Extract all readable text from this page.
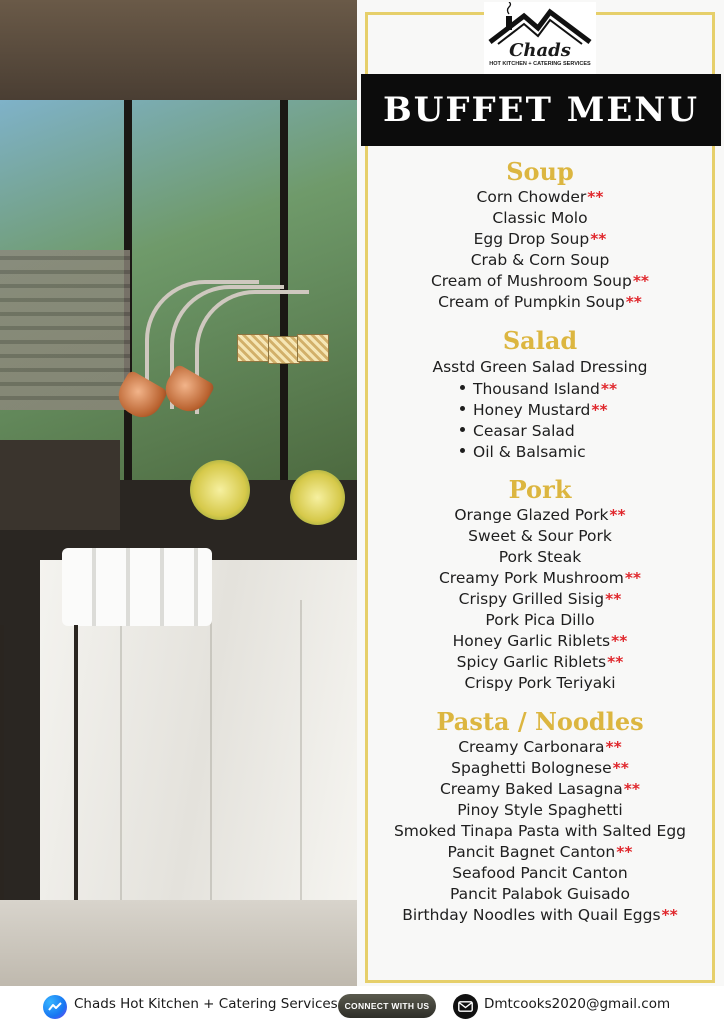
Chads
HOT KITCHEN + CATERING SERVICES
BUFFET MENU
Soup
Corn Chowder**
Classic Molo
Egg Drop Soup**
Crab & Corn Soup
Cream of Mushroom Soup**
Cream of Pumpkin Soup**
Salad
Asstd Green Salad Dressing
Thousand Island**
Honey Mustard**
Ceasar Salad
Oil & Balsamic
Pork
Orange Glazed Pork**
Sweet & Sour Pork
Pork Steak
Creamy Pork Mushroom**
Crispy Grilled Sisig**
Pork Pica Dillo
Honey Garlic Riblets**
Spicy Garlic Riblets**
Crispy Pork Teriyaki
Pasta / Noodles
Creamy Carbonara**
Spaghetti Bolognese**
Creamy Baked Lasagna**
Pinoy Style Spaghetti
Smoked Tinapa Pasta with Salted Egg
Pancit Bagnet Canton**
Seafood Pancit Canton
Pancit Palabok Guisado
Birthday Noodles with Quail Eggs**
Chads Hot Kitchen + Catering Services CONNECT WITH US	Dmtcooks2020@gmail.com
